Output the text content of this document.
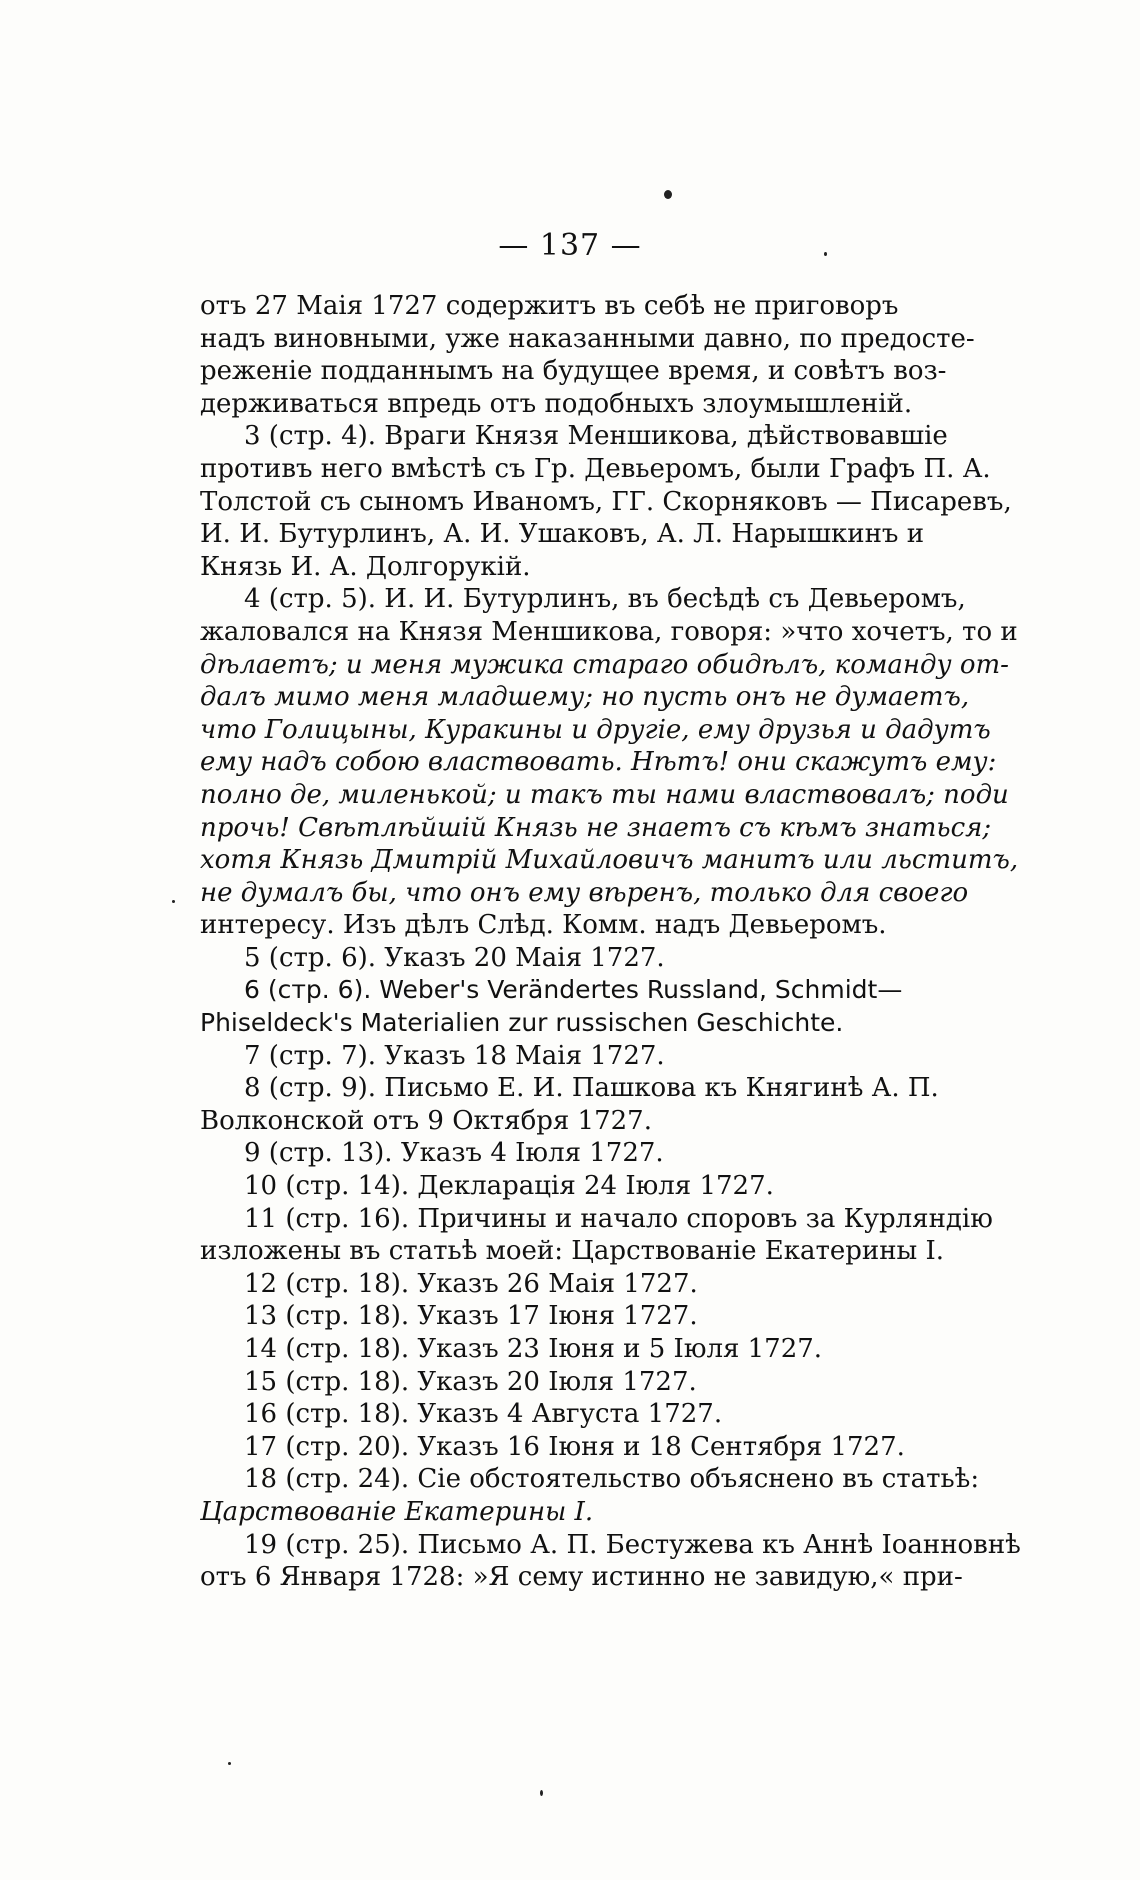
— 137 —
отъ 27 Маія 1727 содержитъ въ себѣ не приговоръ
надъ виновными, уже наказанными давно, по предосте-
реженіе подданнымъ на будущее время, и совѣтъ воз-
держиваться впредь отъ подобныхъ злоумышленій.
3 (стр. 4). Враги Князя Меншикова, дѣйствовавшіе
противъ него вмѣстѣ съ Гр. Девьеромъ, были Графъ П. А.
Толстой съ сыномъ Иваномъ, ГГ. Скорняковъ — Писаревъ,
И. И. Бутурлинъ, А. И. Ушаковъ, А. Л. Нарышкинъ и
Князь И. А. Долгорукій.
4 (стр. 5). И. И. Бутурлинъ, въ бесѣдѣ съ Девьеромъ,
жаловался на Князя Меншикова, говоря: »что хочетъ, то и
дѣлаетъ; и меня мужика стараго обидѣлъ, команду от-
далъ мимо меня младшему; но пусть онъ не думаетъ,
что Голицыны, Куракины и другіе, ему друзья и дадутъ
ему надъ собою властвовать. Нѣтъ! они скажутъ ему:
полно де, миленькой; и такъ ты нами властвовалъ; поди
прочь! Свѣтлѣйшій Князь не знаетъ съ кѣмъ знаться;
хотя Князь Дмитрій Михайловичъ манитъ или льститъ,
не думалъ бы, что онъ ему вѣренъ, только для своего
интересу. Изъ дѣлъ Слѣд. Комм. надъ Девьеромъ.
5 (стр. 6). Указъ 20 Маія 1727.
6 (стр. 6). Weber's Verändertes Russland, Schmidt—
Phiseldeck's Materialien zur russischen Geschichte.
7 (стр. 7). Указъ 18 Маія 1727.
8 (стр. 9). Письмо Е. И. Пашкова къ Княгинѣ А. П.
Волконской отъ 9 Октября 1727.
9 (стр. 13). Указъ 4 Іюля 1727.
10 (стр. 14). Декларація 24 Іюля 1727.
11 (стр. 16). Причины и начало споровъ за Курляндію
изложены въ статьѣ моей: Царствованіе Екатерины I.
12 (стр. 18). Указъ 26 Маія 1727.
13 (стр. 18). Указъ 17 Іюня 1727.
14 (стр. 18). Указъ 23 Іюня и 5 Іюля 1727.
15 (стр. 18). Указъ 20 Іюля 1727.
16 (стр. 18). Указъ 4 Августа 1727.
17 (стр. 20). Указъ 16 Іюня и 18 Сентября 1727.
18 (стр. 24). Сіе обстоятельство объяснено въ статьѣ:
Царствованіе Екатерины I.
19 (стр. 25). Письмо А. П. Бестужева къ Аннѣ Іоанновнѣ
отъ 6 Января 1728: »Я сему истинно не завидую,« при-
